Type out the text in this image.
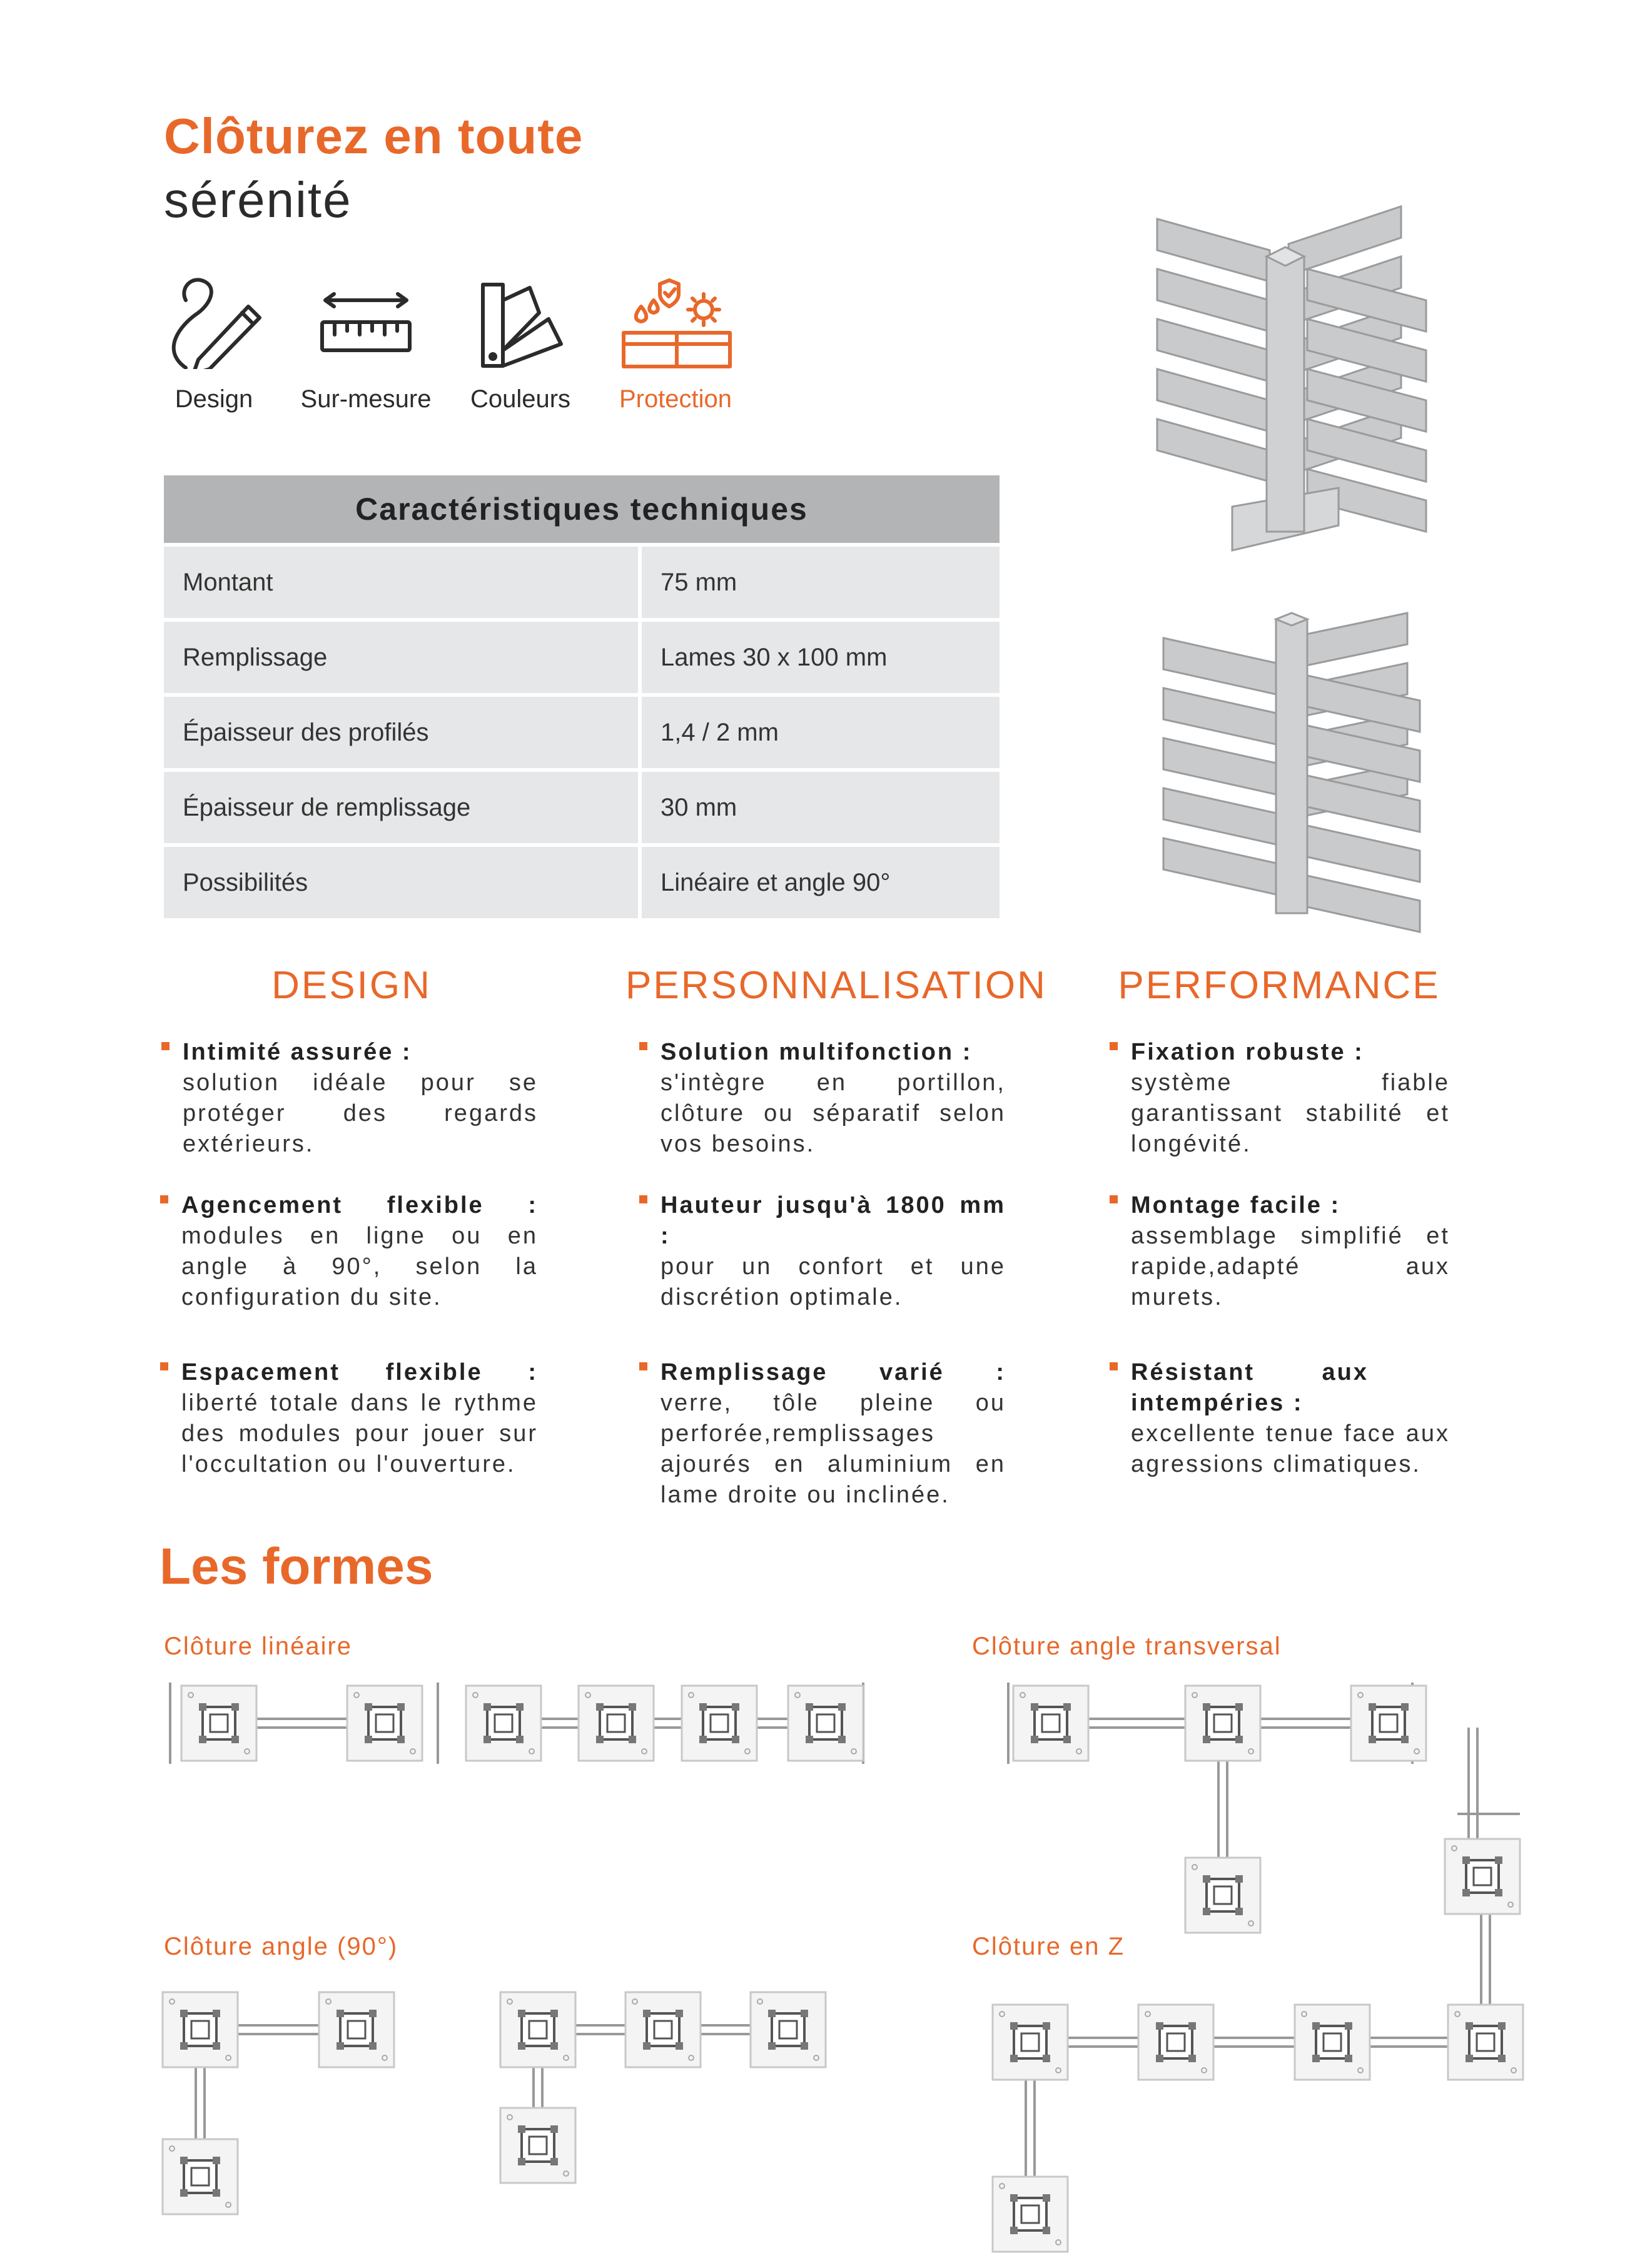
Clôturez en toute
sérénité
Design	Sur-mesure	Couleurs	Protection
Caractéristiques techniques
Montant	75 mm
Remplissage	Lames 30 x 100 mm
Épaisseur des profilés	1,4 / 2 mm
Épaisseur de remplissage	30 mm
Possibilités	Linéaire et angle 90°
DESIGN	PERSONNALISATION PERFORMANCE
Intimité assurée :
solution idéale pour se protéger des regards extérieurs.
Agencement flexible :
modules en ligne ou en angle à 90°, selon la configuration du site.
Espacement flexible :
liberté totale dans le rythme des modules pour jouer sur l'occultation ou l'ouverture.
Solution multifonction :
s'intègre en portillon, clôture ou séparatif selon vos besoins.
Hauteur jusqu'à 1800 mm :
pour un confort et une discrétion optimale.
Remplissage varié :
verre, tôle pleine ou perforée,remplissages ajourés en aluminium en lame droite ou inclinée.
Fixation robuste :
système fiable garantissant stabilité et longévité.
Montage facile :
assemblage simplifié et rapide,adapté aux murets.
Résistant aux intempéries :
excellente tenue face aux agressions climatiques.
Les formes
Clôture linéaire	Clôture angle transversal
Clôture angle (90°)	Clôture en Z
